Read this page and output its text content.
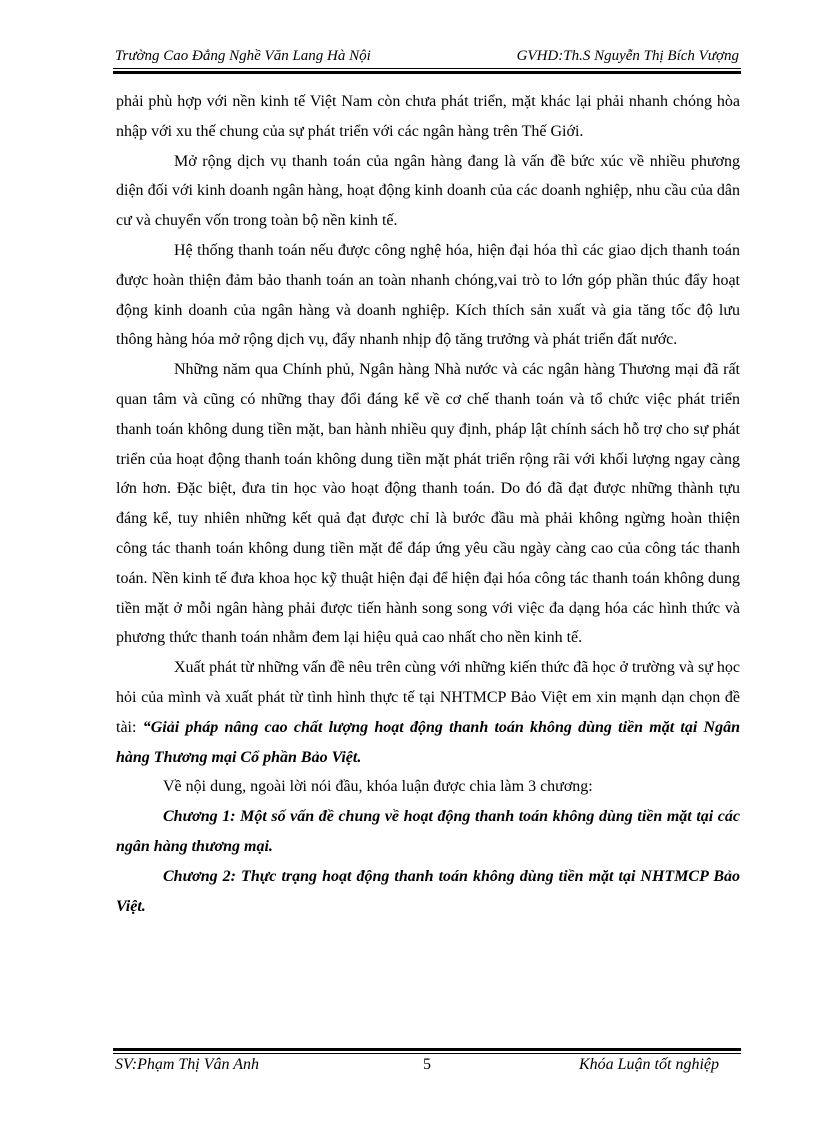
Trường Cao Đẳng Nghề Văn Lang Hà Nội	GVHD:Th.S Nguyễn Thị Bích Vượng

phải phù hợp với nền kinh tế Việt Nam còn chưa phát triển, mặt khác lại phải nhanh chóng hòa nhập với xu thế chung của sự phát triển với các ngân hàng trên Thế Giới.

Mở rộng dịch vụ thanh toán của ngân hàng đang là vấn đề bức xúc về nhiều phương diện đối với kinh doanh ngân hàng, hoạt động kinh doanh của các doanh nghiệp, nhu cầu của dân cư và chuyển vốn trong toàn bộ nền kinh tế.

Hệ thống thanh toán nếu được công nghệ hóa, hiện đại hóa thì các giao dịch thanh toán được hoàn thiện đảm bảo thanh toán an toàn nhanh chóng,vai trò to lớn góp phần thúc đẩy hoạt động kinh doanh của ngân hàng và doanh nghiệp. Kích thích sản xuất và gia tăng tốc độ lưu thông hàng hóa mở rộng dịch vụ, đẩy nhanh nhịp độ tăng trưởng và phát triển đất nước.

Những năm qua Chính phủ, Ngân hàng Nhà nước và các ngân hàng Thương mại đã rất quan tâm và cũng có những thay đổi đáng kể về cơ chế thanh toán và tổ chức việc phát triển thanh toán không dung tiền mặt, ban hành nhiều quy định, pháp lật chính sách hỗ trợ cho sự phát triển của hoạt động thanh toán không dung tiền mặt phát triển rộng rãi với khối lượng ngay càng lớn hơn. Đặc biệt, đưa tin học vào hoạt động thanh toán. Do đó đã đạt được những thành tựu đáng kể, tuy nhiên những kết quả đạt được chỉ là bước đầu mà phải không ngừng hoàn thiện công tác thanh toán không dung tiền mặt để đáp ứng yêu cầu ngày càng cao của công tác thanh toán. Nền kinh tế đưa khoa học kỹ thuật hiện đại để hiện đại hóa công tác thanh toán không dung tiền mặt ở mỗi ngân hàng phải được tiến hành song song với việc đa dạng hóa các hình thức và phương thức thanh toán nhằm đem lại hiệu quả cao nhất cho nền kinh tế.

Xuất phát từ những vấn đề nêu trên cùng với những kiến thức đã học ở trường và sự học hỏi của mình và xuất phát từ tình hình thực tế tại NHTMCP Bảo Việt em xin mạnh dạn chọn đề tài: “Giải pháp nâng cao chất lượng hoạt động thanh toán không dùng tiền mặt tại Ngân hàng Thương mại Cổ phần Bảo Việt.

Về nội dung, ngoài lời nói đầu, khóa luận được chia làm 3 chương:

Chương 1: Một số vấn đề chung về hoạt động thanh toán không dùng tiền mặt tại các ngân hàng thương mại.

Chương 2: Thực trạng hoạt động thanh toán không dùng tiền mặt tại NHTMCP Bảo Việt.

SV:Phạm Thị Vân Anh	5	Khóa Luận tốt nghiệp
